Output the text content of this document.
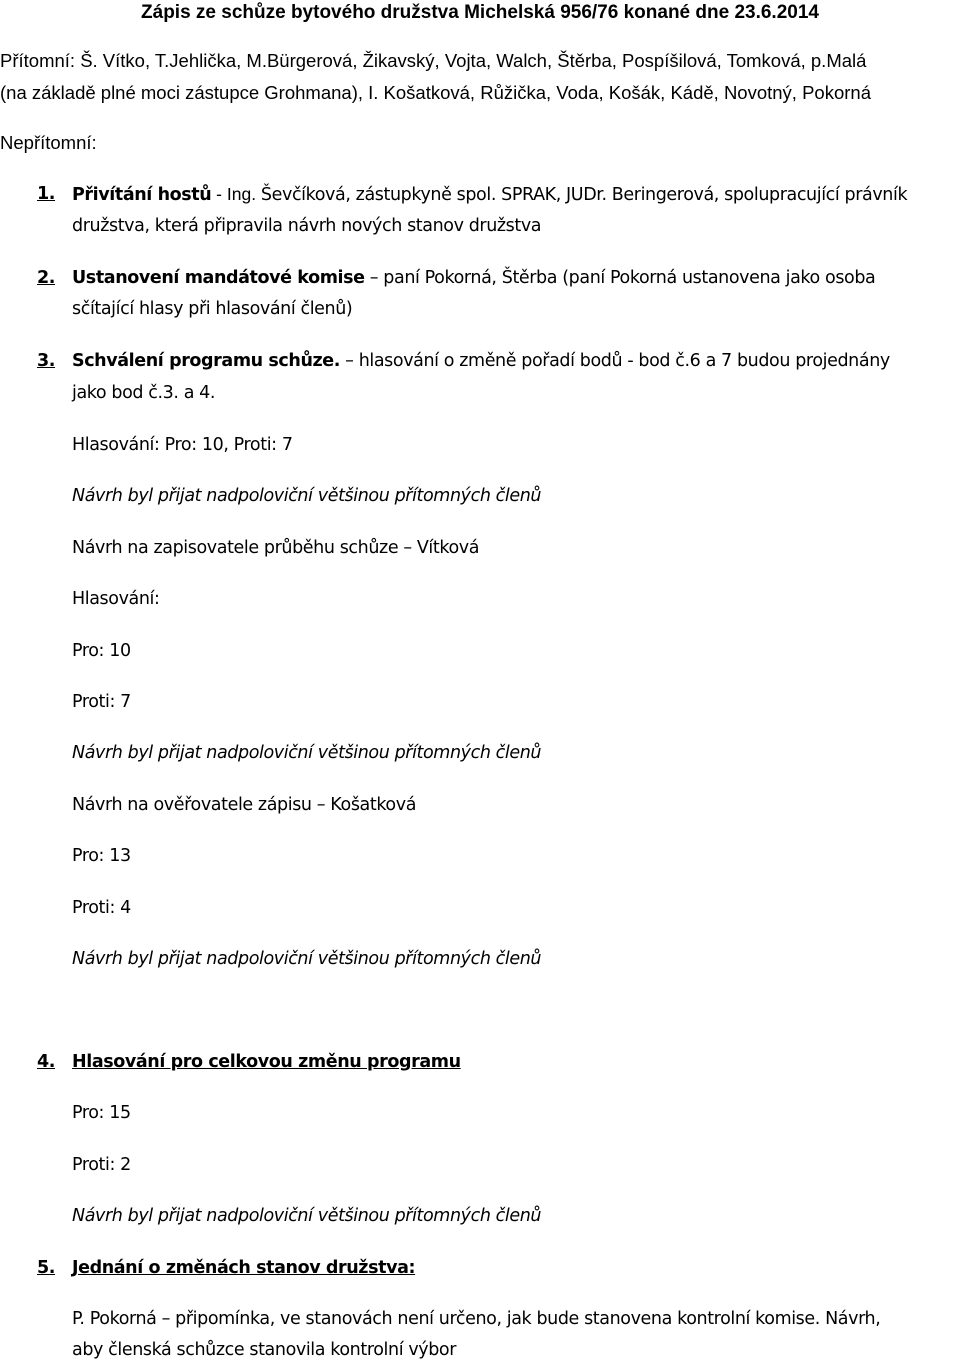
Zápis ze schůze bytového družstva Michelská 956/76 konané dne 23.6.2014
Přítomní: Š. Vítko, T.Jehlička, M.Bürgerová, Žikavský, Vojta, Walch, Štěrba, Pospíšilová, Tomková, p.Malá
(na základě plné moci zástupce Grohmana), I. Košatková, Růžička, Voda, Košák, Kádě, Novotný, Pokorná
Nepřítomní:
1. Přivítání hostů - Ing. Ševčíková, zástupkyně spol. SPRAK, JUDr. Beringerová, spolupracující právník
družstva, která připravila návrh nových stanov družstva
2. Ustanovení mandátové komise – paní Pokorná, Štěrba (paní Pokorná ustanovena jako osoba
sčítající hlasy při hlasování členů)
3. Schválení programu schůze. – hlasování o změně pořadí bodů - bod č.6 a 7 budou projednány
jako bod č.3. a 4.
Hlasování: Pro: 10, Proti: 7
Návrh byl přijat nadpoloviční většinou přítomných členů
Návrh na zapisovatele průběhu schůze – Vítková
Hlasování:
Pro: 10
Proti: 7
Návrh byl přijat nadpoloviční většinou přítomných členů
Návrh na ověřovatele zápisu – Košatková
Pro: 13
Proti: 4
Návrh byl přijat nadpoloviční většinou přítomných členů
4. Hlasování pro celkovou změnu programu
Pro: 15
Proti: 2
Návrh byl přijat nadpoloviční většinou přítomných členů
5. Jednání o změnách stanov družstva:
P. Pokorná – připomínka, ve stanovách není určeno, jak bude stanovena kontrolní komise. Návrh,
aby členská schůzce stanovila kontrolní výbor
